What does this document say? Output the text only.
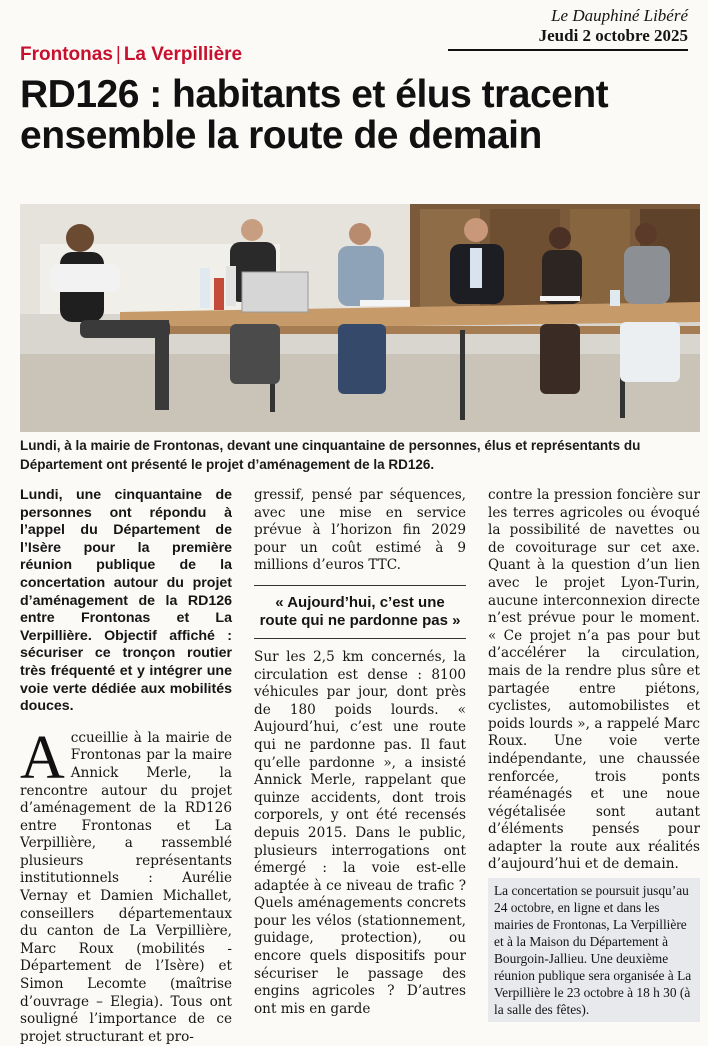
Le Dauphiné Libéré
Jeudi 2 octobre 2025
Frontonas | La Verpillière
RD126 : habitants et élus tracent ensemble la route de demain
Lundi, à la mairie de Frontonas, devant une cinquantaine de personnes, élus et représentants du Département ont présenté le projet d’aménagement de la RD126.

Lundi, une cinquantaine de personnes ont répondu à l’appel du Département de l’Isère pour la première réunion publique de la concertation autour du projet d’aménagement de la RD126 entre Frontonas et La Verpillière. Objectif affiché : sécuriser ce tronçon routier très fréquenté et y intégrer une voie verte dédiée aux mobilités douces.

Accueillie à la mairie de Frontonas par la maire Annick Merle, la rencontre autour du projet d’aménagement de la RD126 entre Frontonas et La Verpillière, a rassemblé plusieurs représentants institutionnels : Aurélie Vernay et Damien Michallet, conseillers départementaux du canton de La Verpillière, Marc Roux (mobilités - Département de l’Isère) et Simon Lecomte (maîtrise d’ouvrage – Elegia). Tous ont souligné l’importance de ce projet structurant et pro-

gressif, pensé par séquences, avec une mise en service prévue à l’horizon fin 2029 pour un coût estimé à 9 millions d’euros TTC.

« Aujourd’hui, c’est une route qui ne pardonne pas »

Sur les 2,5 km concernés, la circulation est dense : 8100 véhicules par jour, dont près de 180 poids lourds. « Aujourd’hui, c’est une route qui ne pardonne pas. Il faut qu’elle pardonne », a insisté Annick Merle, rappelant que quinze accidents, dont trois corporels, y ont été recensés depuis 2015. Dans le public, plusieurs interrogations ont émergé : la voie est-elle adaptée à ce niveau de trafic ? Quels aménagements concrets pour les vélos (stationnement, guidage, protection), ou encore quels dispositifs pour sécuriser le passage des engins agricoles ? D’autres ont mis en garde

contre la pression foncière sur les terres agricoles ou évoqué la possibilité de navettes ou de covoiturage sur cet axe. Quant à la question d’un lien avec le projet Lyon-Turin, aucune interconnexion directe n’est prévue pour le moment. « Ce projet n’a pas pour but d’accélérer la circulation, mais de la rendre plus sûre et partagée entre piétons, cyclistes, automobilistes et poids lourds », a rappelé Marc Roux. Une voie verte indépendante, une chaussée renforcée, trois ponts réaménagés et une noue végétalisée sont autant d’éléments pensés pour adapter la route aux réalités d’aujourd’hui et de demain.

La concertation se poursuit jusqu’au 24 octobre, en ligne et dans les mairies de Frontonas, La Verpillière et à la Maison du Département à Bourgoin-Jallieu. Une deuxième réunion publique sera organisée à La Verpillière le 23 octobre à 18 h 30 (à la salle des fêtes).
